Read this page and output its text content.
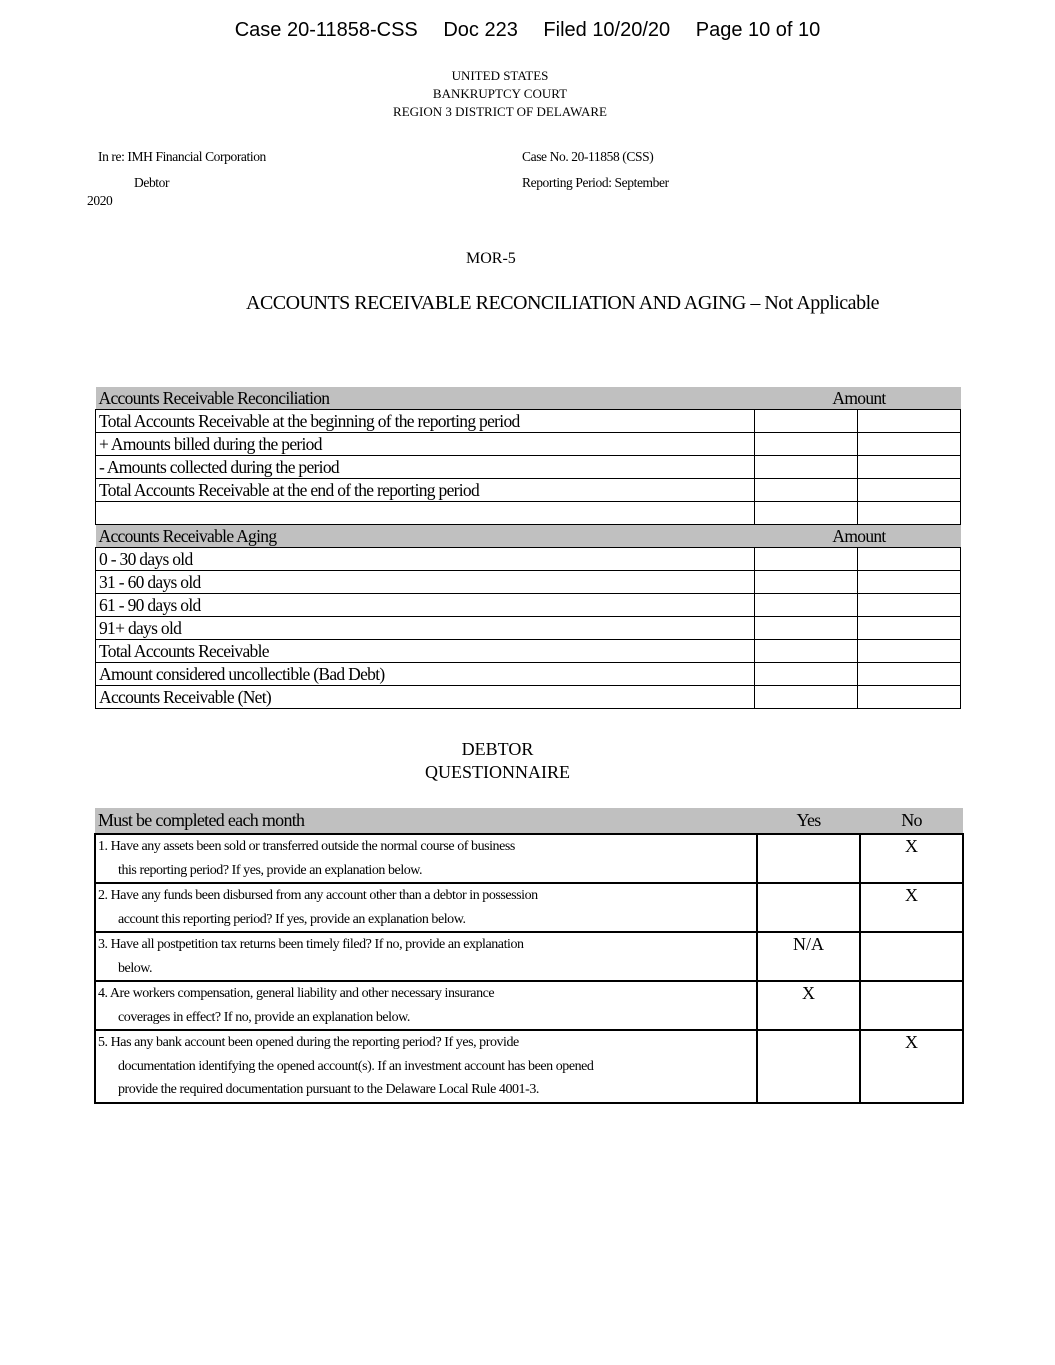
Case 20-11858-CSS Doc 223 Filed 10/20/20 Page 10 of 10
UNITED STATES
BANKRUPTCY COURT
REGION 3 DISTRICT OF DELAWARE
In re: IMH Financial Corporation
Debtor
2020
Case No. 20-11858 (CSS)
Reporting Period: September
MOR-5
ACCOUNTS RECEIVABLE RECONCILIATION AND AGING – Not Applicable
Accounts Receivable Reconciliation	Amount	
Total Accounts Receivable at the beginning of the reporting period		
+ Amounts billed during the period		
- Amounts collected during the period		
Total Accounts Receivable at the end of the reporting period		

Accounts Receivable Aging	Amount	
0 - 30 days old		
31 - 60 days old		
61 - 90 days old		
91+ days old		
Total Accounts Receivable		
Amount considered uncollectible (Bad Debt)		
Accounts Receivable (Net)		
DEBTOR
QUESTIONNAIRE
Must be completed each month	Yes	No
1. Have any assets been sold or transferred outside the normal course of business
this reporting period? If yes, provide an explanation below.		X
2. Have any funds been disbursed from any account other than a debtor in possession
account this reporting period? If yes, provide an explanation below.		X
3. Have all postpetition tax returns been timely filed? If no, provide an explanation
below.	N/A	
4. Are workers compensation, general liability and other necessary insurance
coverages in effect? If no, provide an explanation below.	X	
5. Has any bank account been opened during the reporting period? If yes, provide
documentation identifying the opened account(s). If an investment account has been opened
provide the required documentation pursuant to the Delaware Local Rule 4001-3.		X
